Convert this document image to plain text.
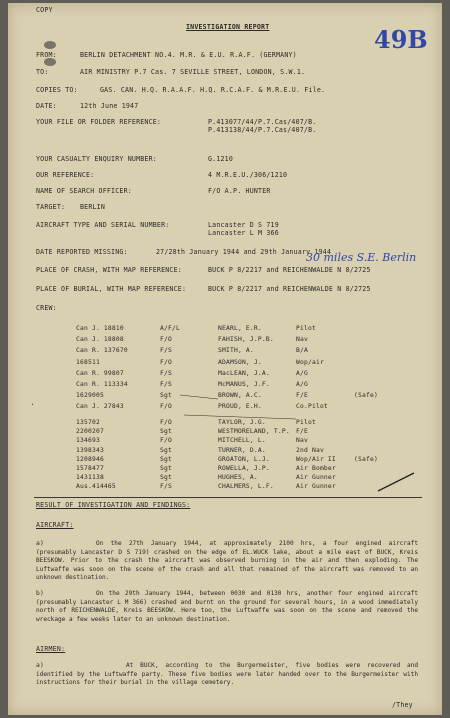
COPY
INVESTIGATION REPORT	49B
FROM:	BERLIN DETACHMENT NO.4. M.R. & E.U. R.A.F. (GERMANY)
TO:	AIR MINISTRY P.7 Cas. 7 SEVILLE STREET, LONDON, S.W.1.
COPIES TO:	GAS. CAN. H.Q. R.A.A.F. H.Q. R.C.A.F. & M.R.E.U. File.
DATE:	12th June 1947
YOUR FILE OR FOLDER REFERENCE:	P.413077/44/P.7.Cas/407/B.
P.413138/44/P.7.Cas/407/B.
YOUR CASUALTY ENQUIRY NUMBER:	G.1210
OUR REFERENCE:	4 M.R.E.U./306/1210
NAME OF SEARCH OFFICER:	F/O A.P. HUNTER
TARGET: BERLIN
AIRCRAFT TYPE AND SERIAL NUMBER:	Lancaster D S 719
Lancaster L M 366
DATE REPORTED MISSING:	27/28th January 1944 and 29th January 1944
PLACE OF CRASH, WITH MAP REFERENCE:	BUCK P 8/2217 and REICHENWALDE N 8/2725
PLACE OF BURIAL, WITH MAP REFERENCE:	BUCK P 8/2217 and REICHENWALDE N 8/2725
CREW:
30 miles S.E. Berlin
Can J. 18810	A/F/L	NEARL, E.R.	Pilot
Can J. 18808	F/O	FAHISH, J.P.B.	Nav
Can R. 137670	F/S	SMITH, A.	B/A
168511	F/O	ADAMSON, J.	Wop/air
Can R. 99807	F/S	MacLEAN, J.A.	A/G
Can R. 113334	F/S	McMANUS, J.F.	A/G
1629005	Sgt	BROWN, A.C.	F/E	(Safe)
Can J. 27843	F/O	PROUD, E.H.	Co.Pilot
135702	F/O	TAYLOR, J.G.	Pilot
2200207	Sgt	WESTMORELAND, T.P. F/E
134693	F/O	MITCHELL, L.	Nav
1398343	Sgt	TURNER, D.A.	2nd Nav
1208946	Sgt	GROATON, L.J.	Wop/Air II	(Safe)
1578477	Sgt	ROWELLA, J.P.	Air Bomber
1431138	Sgt	HUGHES, A.	Air Gunner
Aus.414465	F/S	CHALMERS, L.F.	Air Gunner
·
RESULT OF INVESTIGATION AND FINDINGS:
AIRCRAFT:
a)	On the 27th January 1944, at approximately 2100 hrs, a four engined aircraft (presumably Lancaster D S 719) crashed on the edge of EL.WUCK lake, about a mile east of BUCK, Kreis BEESKOW. Prior to the crash the aircraft was observed burning in the air and then exploding. The Luftwaffe was soon on the scene of the crash and all that remained of the aircraft was removed to an unknown destination.
b)	On the 29th January 1944, between 0030 and 0130 hrs, another four engined aircraft (presumably Lancaster L M 366) crashed and burnt on the ground for several hours, in a wood immediately north of REICHENWALDE, Kreis BEESKOW. Here too, the Luftwaffe was soon on the scene and removed the wreckage a few weeks later to an unknown destination.
AIRMEN:
a)	At BUCK, according to the Burgermeister, five bodies were recovered and identified by the Luftwaffe party. These five bodies were later handed over to the Burgermeister with instructions for their burial in the village cemetery.
/They
